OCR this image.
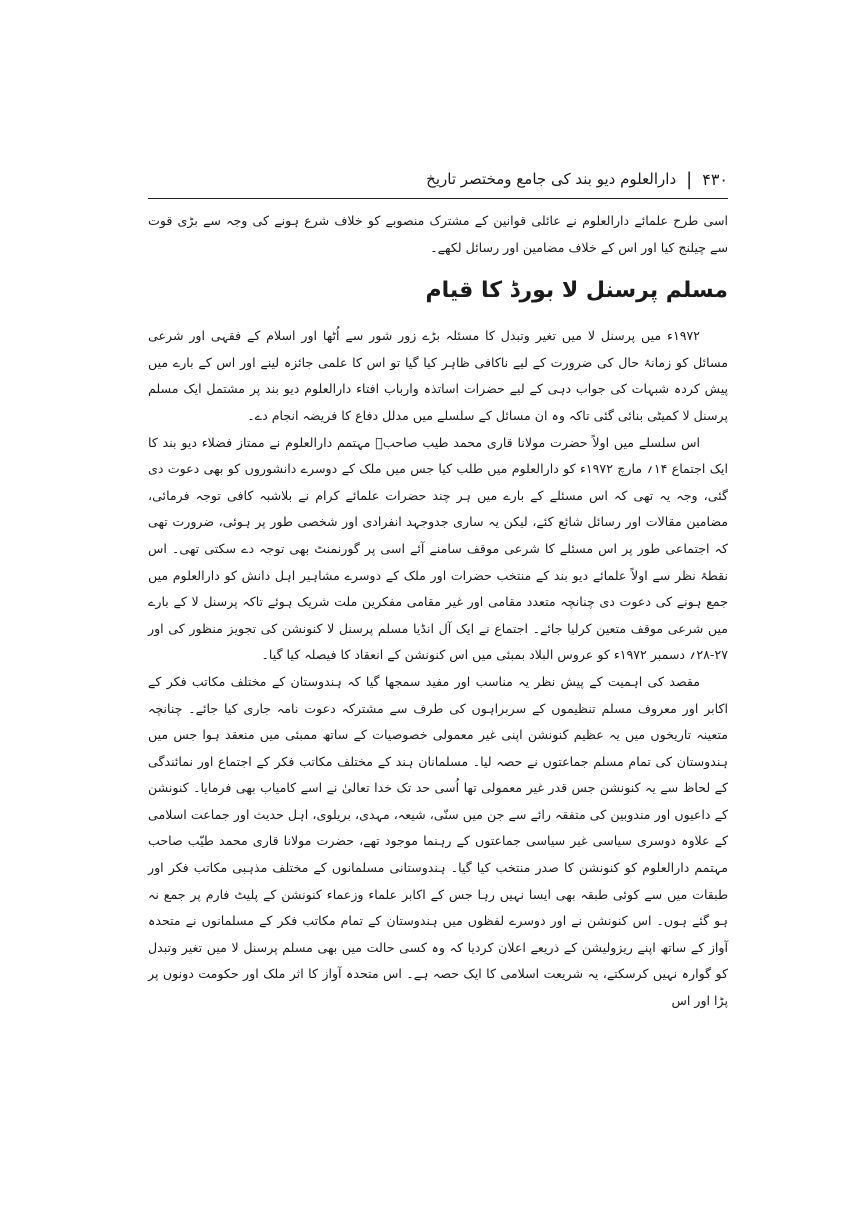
۴۳۰
|
دارالعلوم دیو بند کی جامع ومختصر تاریخ

اسی طرح علمائے دارالعلوم نے عائلی قوانین کے مشترک منصوبے کو خلاف شرع ہونے کی وجہ سے بڑی قوت سے چیلنج کیا اور اس کے خلاف مضامین اور رسائل لکھے۔

مسلم پرسنل لا بورڈ کا قیام

۱۹۷۲ء میں پرسنل لا میں تغیر وتبدل کا مسئلہ بڑے زور شور سے اُٹھا اور اسلام کے فقہی اور شرعی مسائل کو زمانۂ حال کی ضرورت کے لیے ناکافی ظاہر کیا گیا تو اس کا علمی جائزہ لینے اور اس کے بارے میں پیش کردہ شبہات کی جواب دہی کے لیے حضرات اساتذہ وارباب افتاء دارالعلوم دیو بند پر مشتمل ایک مسلم پرسنل لا کمیٹی بنائی گئی تاکہ وہ ان مسائل کے سلسلے میں مدلل دفاع کا فریضہ انجام دے۔

اس سلسلے میں اولاً حضرت مولانا قاری محمد طیب صاحبؒ مہتمم دارالعلوم نے ممتاز فضلاء دیو بند کا ایک اجتماع ۱۴؍ مارچ ۱۹۷۲ء کو دارالعلوم میں طلب کیا جس میں ملک کے دوسرے دانشوروں کو بھی دعوت دی گئی، وجہ یہ تھی کہ اس مسئلے کے بارے میں ہر چند حضرات علمائے کرام نے بلاشبہ کافی توجہ فرمائی، مضامین مقالات اور رسائل شائع کئے، لیکن یہ ساری جدوجہد انفرادی اور شخصی طور پر ہوئی، ضرورت تھی کہ اجتماعی طور پر اس مسئلے کا شرعی موقف سامنے آئے اسی پر گورنمنٹ بھی توجہ دے سکتی تھی۔ اس نقطۂ نظر سے اولاً علمائے دیو بند کے منتخب حضرات اور ملک کے دوسرے مشاہیر اہل دانش کو دارالعلوم میں جمع ہونے کی دعوت دی چنانچہ متعدد مقامی اور غیر مقامی مفکرین ملت شریک ہوئے تاکہ پرسنل لا کے بارے میں شرعی موقف متعین کرلیا جائے۔ اجتماع نے ایک آل انڈیا مسلم پرسنل لا کنونشن کی تجویز منظور کی اور ۲۷-۲۸؍ دسمبر ۱۹۷۲ء کو عروس البلاد بمبئی میں اس کنونشن کے انعقاد کا فیصلہ کیا گیا۔

مقصد کی اہمیت کے پیش نظر یہ مناسب اور مفید سمجھا گیا کہ ہندوستان کے مختلف مکاتب فکر کے اکابر اور معروف مسلم تنظیموں کے سربراہوں کی طرف سے مشترکہ دعوت نامہ جاری کیا جائے۔ چنانچہ متعینہ تاریخوں میں یہ عظیم کنونشن اپنی غیر معمولی خصوصیات کے ساتھ ممبئی میں منعقد ہوا جس میں ہندوستان کی تمام مسلم جماعتوں نے حصہ لیا۔ مسلمانان ہند کے مختلف مکاتب فکر کے اجتماع اور نمائندگی کے لحاظ سے یہ کنونشن جس قدر غیر معمولی تھا اُسی حد تک خدا تعالیٰ نے اسے کامیاب بھی فرمایا۔ کنونشن کے داعیوں اور مندوبین کی متفقہ رائے سے جن میں سنّی، شیعہ، مہدی، بریلوی، اہل حدیث اور جماعت اسلامی کے علاوہ دوسری سیاسی غیر سیاسی جماعتوں کے رہنما موجود تھے، حضرت مولانا قاری محمد طیّب صاحب مہتمم دارالعلوم کو کنونشن کا صدر منتخب کیا گیا۔ ہندوستانی مسلمانوں کے مختلف مذہبی مکاتب فکر اور طبقات میں سے کوئی طبقہ بھی ایسا نہیں رہا جس کے اکابر علماء وزعماء کنونشن کے پلیٹ فارم پر جمع نہ ہو گئے ہوں۔ اس کنونشن نے اور دوسرے لفظوں میں ہندوستان کے تمام مکاتب فکر کے مسلمانوں نے متحدہ آواز کے ساتھ اپنے ریزولیشن کے ذریعے اعلان کردیا کہ وہ کسی حالت میں بھی مسلم پرسنل لا میں تغیر وتبدل کو گوارہ نہیں کرسکتے، یہ شریعت اسلامی کا ایک حصہ ہے۔ اس متحدہ آواز کا اثر ملک اور حکومت دونوں پر پڑا اور اس
